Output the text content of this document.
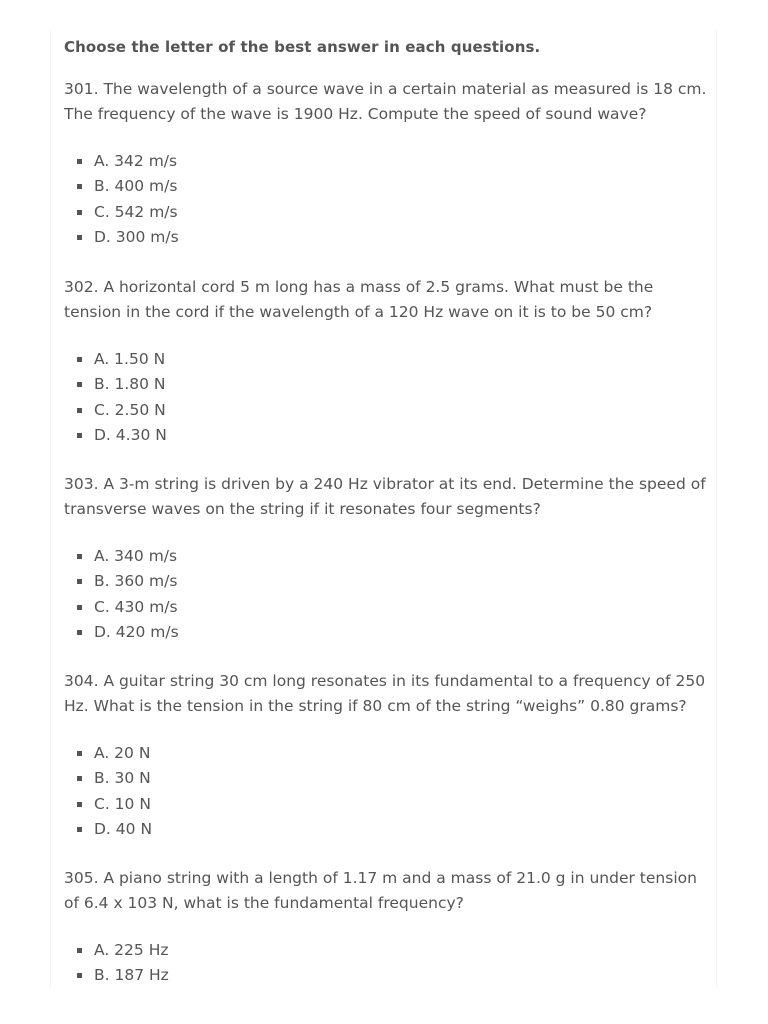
Choose the letter of the best answer in each questions.

301. The wavelength of a source wave in a certain material as measured is 18 cm. The frequency of the wave is 1900 Hz. Compute the speed of sound wave?

A. 342 m/s
B. 400 m/s
C. 542 m/s
D. 300 m/s

302. A horizontal cord 5 m long has a mass of 2.5 grams. What must be the tension in the cord if the wavelength of a 120 Hz wave on it is to be 50 cm?

A. 1.50 N
B. 1.80 N
C. 2.50 N
D. 4.30 N

303. A 3-m string is driven by a 240 Hz vibrator at its end. Determine the speed of transverse waves on the string if it resonates four segments?

A. 340 m/s
B. 360 m/s
C. 430 m/s
D. 420 m/s

304. A guitar string 30 cm long resonates in its fundamental to a frequency of 250 Hz. What is the tension in the string if 80 cm of the string “weighs” 0.80 grams?

A. 20 N
B. 30 N
C. 10 N
D. 40 N

305. A piano string with a length of 1.17 m and a mass of 21.0 g in under tension of 6.4 x 103 N, what is the fundamental frequency?

A. 225 Hz
B. 187 Hz
